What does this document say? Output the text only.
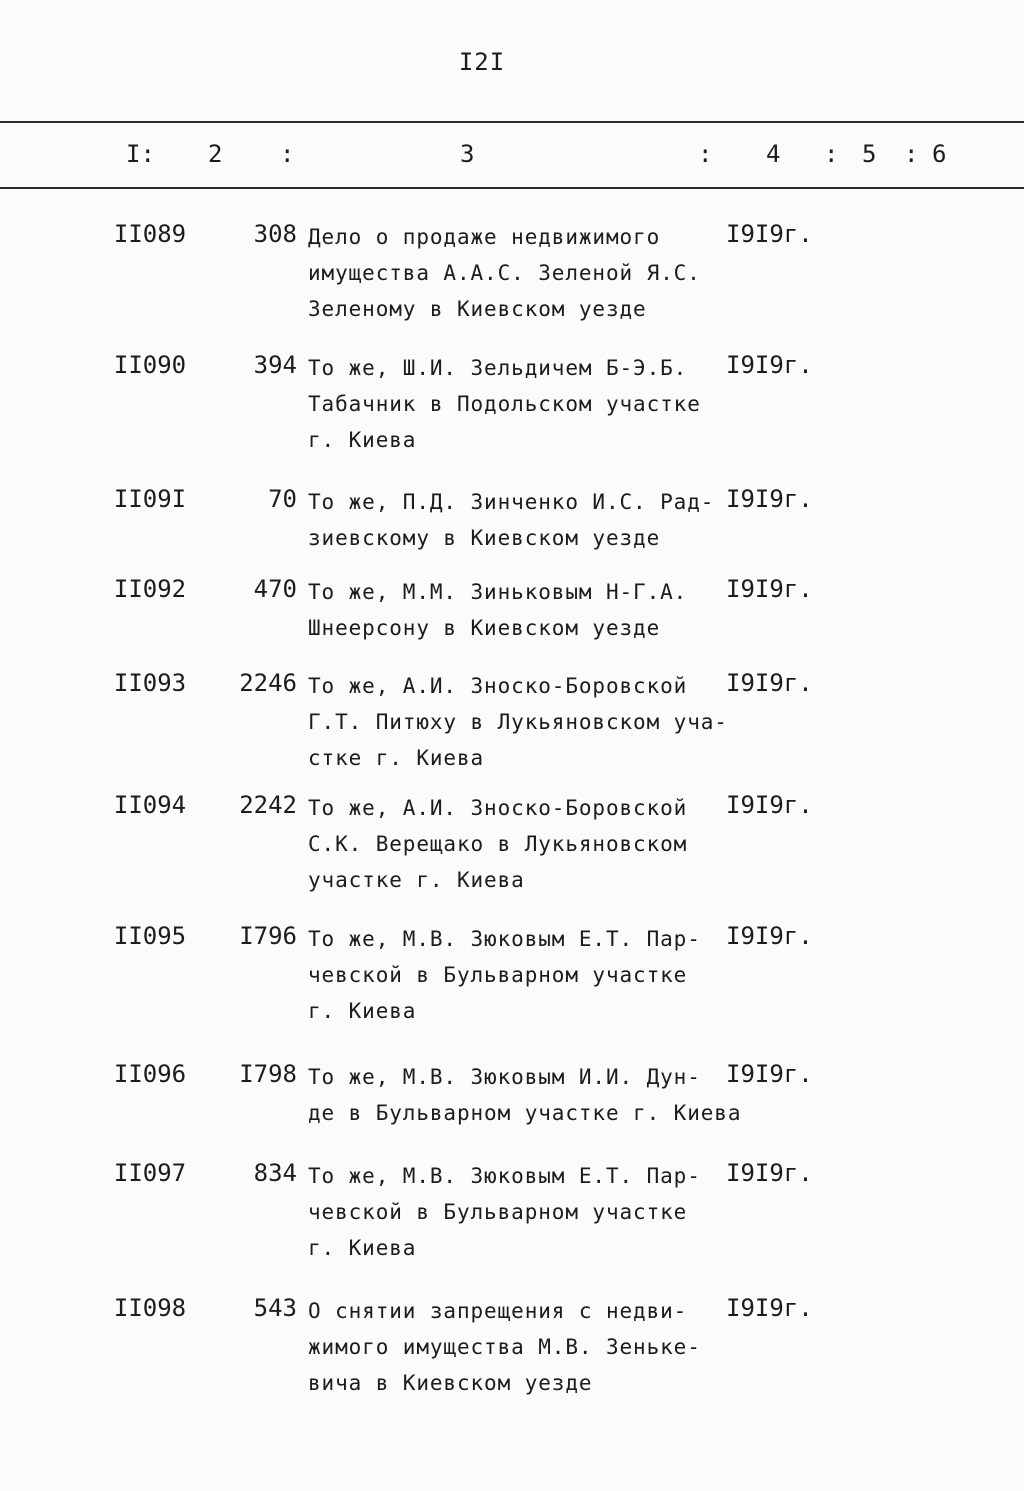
I2I
I: 2 :	3	: 4 : 5 : 6
II089	308 Дело о продаже недвижимого
имущества А.А.С. Зеленой Я.С.
Зеленому в Киевском уезде
I9I9г.
II090	394 То же, Ш.И. Зельдичем Б-Э.Б.
Табачник в Подольском участке
г. Киева
I9I9г.
II09I	70 То же, П.Д. Зинченко И.С. Рад-
зиевскому в Киевском уезде
I9I9г.
II092	470 То же, М.М. Зиньковым Н-Г.А.
Шнеерсону в Киевском уезде
I9I9г.
II093	2246 То же, А.И. Зноско-Боровской
Г.Т. Питюху в Лукьяновском уча-
стке г. Киева
I9I9г.
II094	2242 То же, А.И. Зноско-Боровской
С.К. Верещако в Лукьяновском
участке г. Киева
I9I9г.
II095	I796 То же, М.В. Зюковым Е.Т. Пар-
чевской в Бульварном участке
г. Киева
I9I9г.
II096	I798 То же, М.В. Зюковым И.И. Дун-
де в Бульварном участке г. Киева
I9I9г.
II097	834 То же, М.В. Зюковым Е.Т. Пар-
чевской в Бульварном участке
г. Киева
I9I9г.
II098	543 О снятии запрещения с недви-
жимого имущества М.В. Зеньке-
вича в Киевском уезде
I9I9г.
